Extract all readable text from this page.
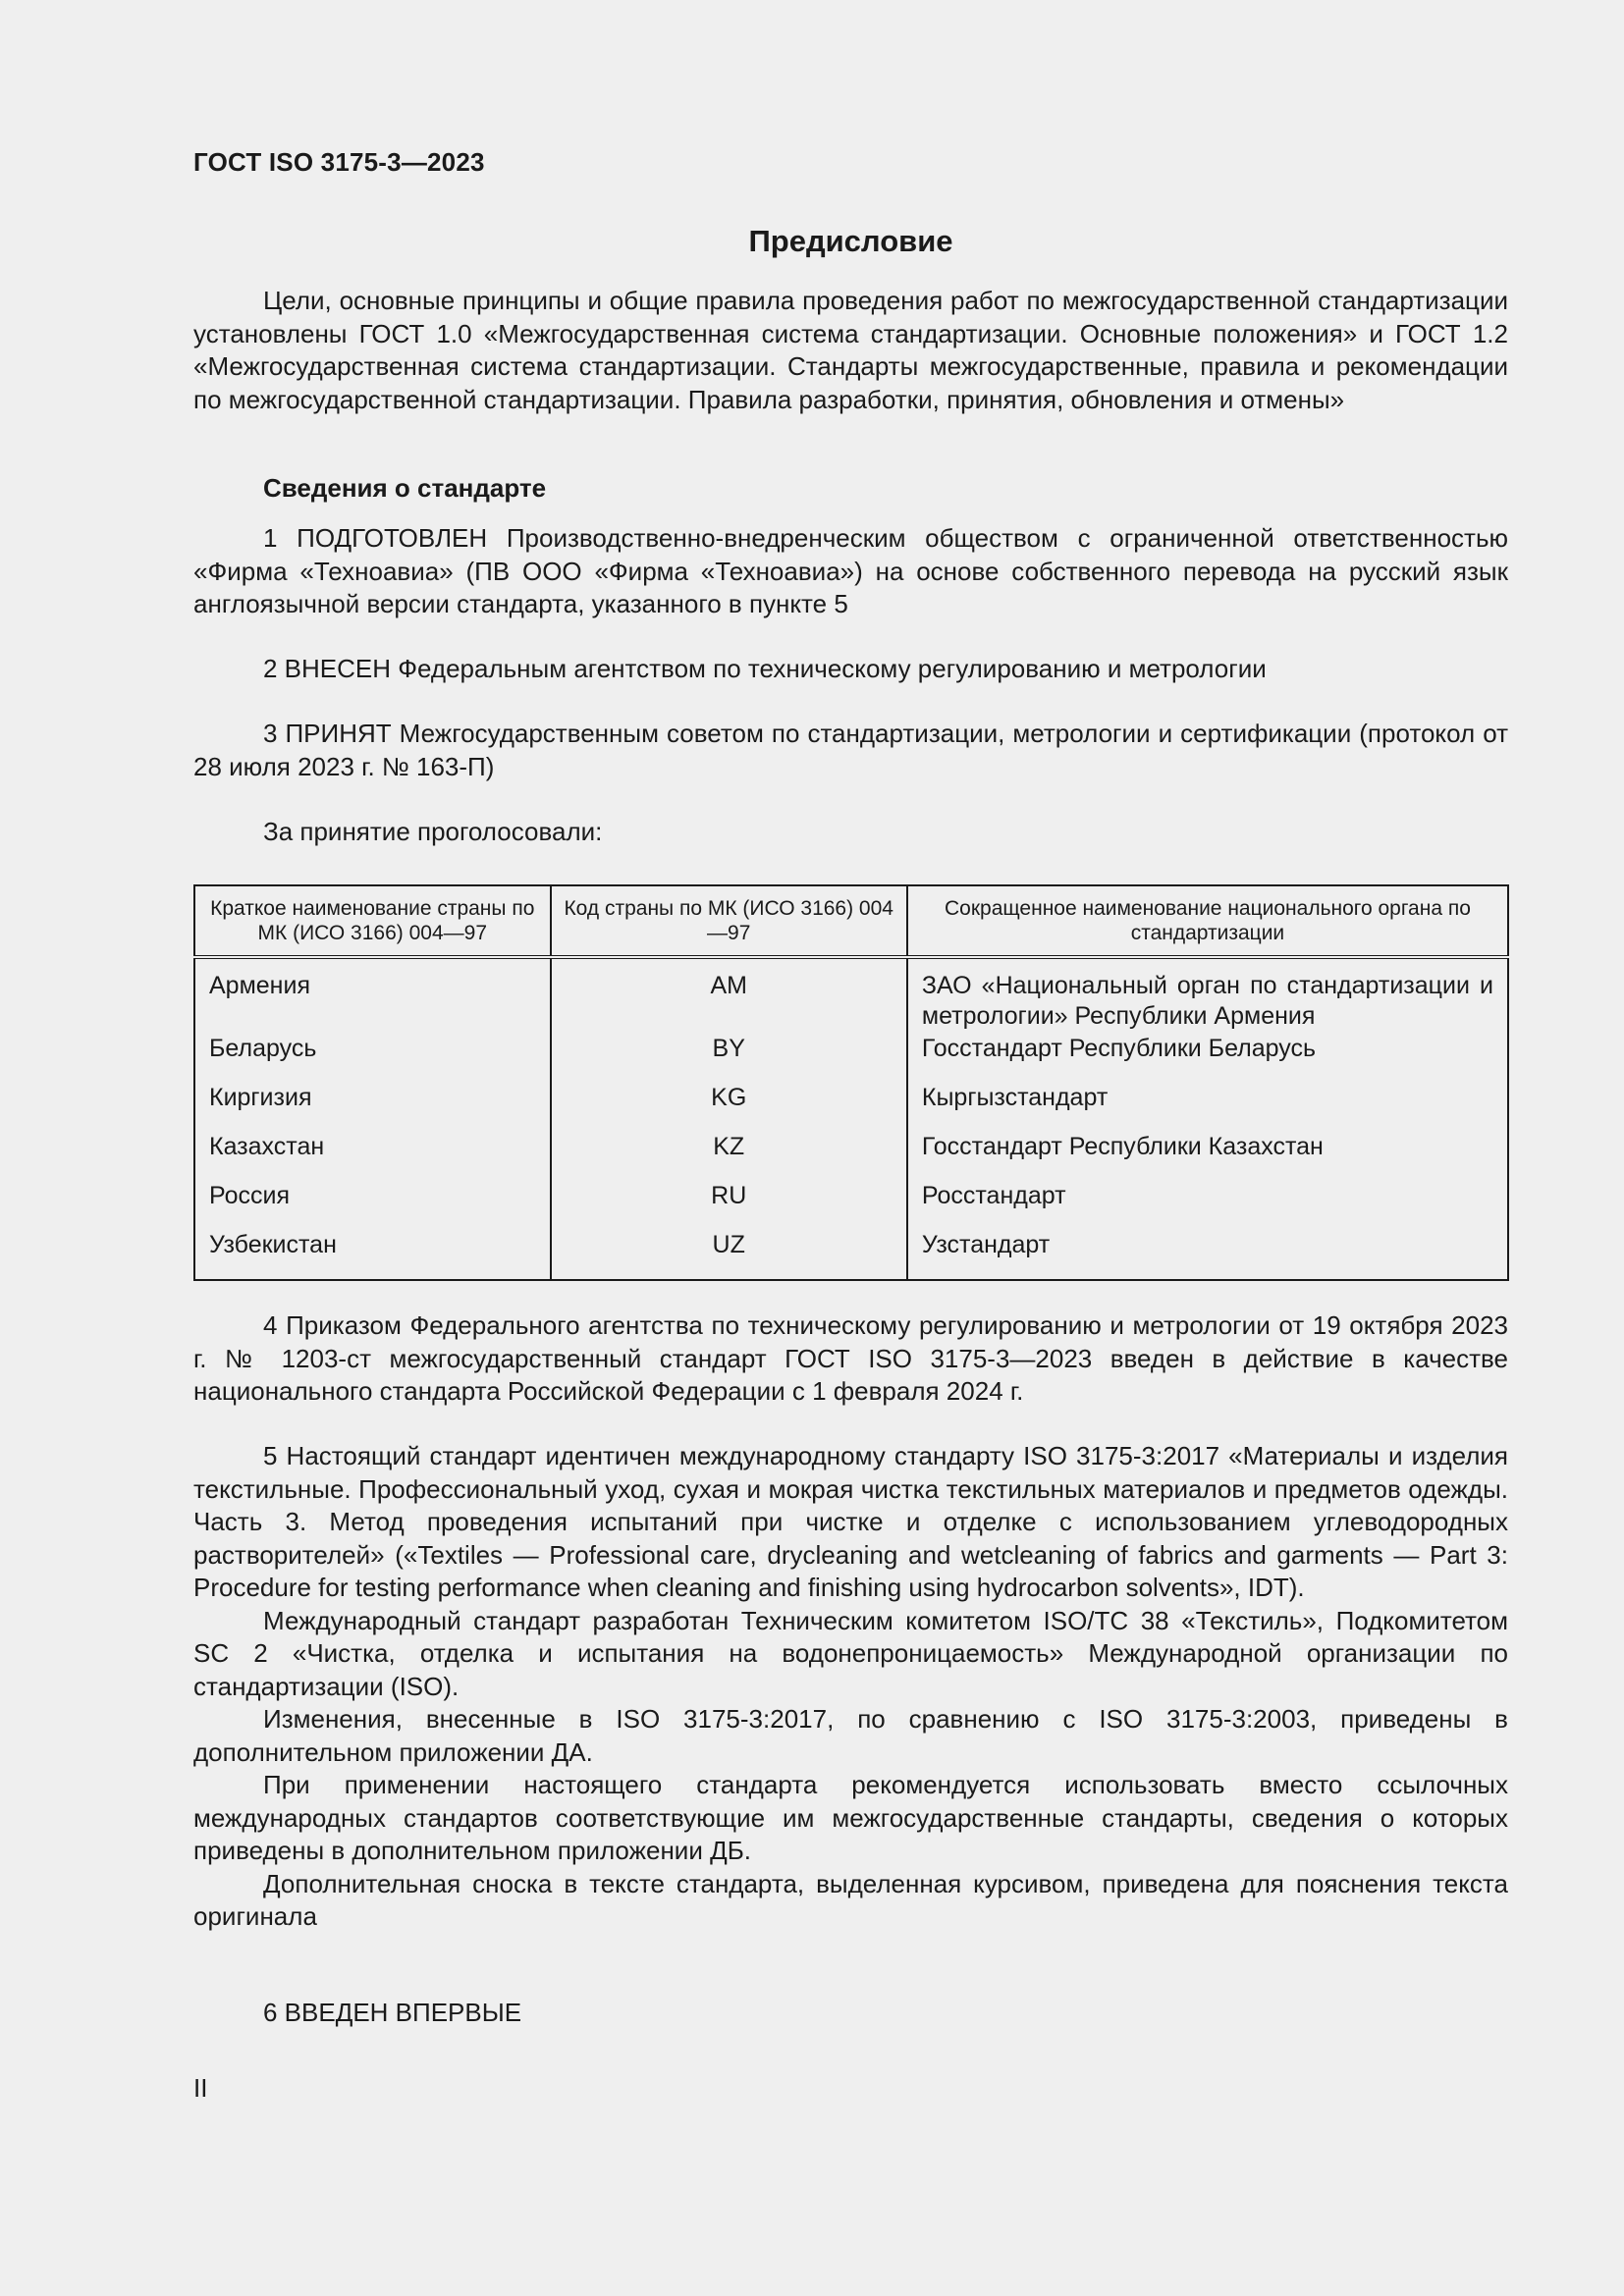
ГОСТ ISO 3175-3—2023
Предисловие

Цели, основные принципы и общие правила проведения работ по межгосударственной стандартизации установлены ГОСТ 1.0 «Межгосударственная система стандартизации. Основные положения» и ГОСТ 1.2 «Межгосударственная система стандартизации. Стандарты межгосударственные, правила и рекомендации по межгосударственной стандартизации. Правила разработки, принятия, обновления и отмены»

Сведения о стандарте

1 ПОДГОТОВЛЕН Производственно-внедренческим обществом с ограниченной ответственностью «Фирма «Техноавиа» (ПВ ООО «Фирма «Техноавиа») на основе собственного перевода на русский язык англоязычной версии стандарта, указанного в пункте 5

2 ВНЕСЕН Федеральным агентством по техническому регулированию и метрологии

3 ПРИНЯТ Межгосударственным советом по стандартизации, метрологии и сертификации (протокол от 28 июля 2023 г. № 163-П)

За принятие проголосовали:

Краткое наименование страны по МК (ИСО 3166) 004—97	Код страны по МК (ИСО 3166) 004—97	Сокращенное наименование национального органа по стандартизации
Армения	AM	ЗАО «Национальный орган по стандартизации и метрологии» Республики Армения
Беларусь	BY	Госстандарт Республики Беларусь
Киргизия	KG	Кыргызстандарт
Казахстан	KZ	Госстандарт Республики Казахстан
Россия	RU	Росстандарт
Узбекистан	UZ	Узстандарт

4 Приказом Федерального агентства по техническому регулированию и метрологии от 19 октября 2023 г. № 1203-ст межгосударственный стандарт ГОСТ ISO 3175-3—2023 введен в действие в качестве национального стандарта Российской Федерации с 1 февраля 2024 г.

5 Настоящий стандарт идентичен международному стандарту ISO 3175-3:2017 «Материалы и изделия текстильные. Профессиональный уход, сухая и мокрая чистка текстильных материалов и предметов одежды. Часть 3. Метод проведения испытаний при чистке и отделке с использованием углеводородных растворителей» («Textiles — Professional care, drycleaning and wetcleaning of fabrics and garments — Part 3: Procedure for testing performance when cleaning and finishing using hydrocarbon solvents», IDT).

Международный стандарт разработан Техническим комитетом ISO/TC 38 «Текстиль», Подкомитетом SC 2 «Чистка, отделка и испытания на водонепроницаемость» Международной организации по стандартизации (ISO).

Изменения, внесенные в ISO 3175-3:2017, по сравнению с ISO 3175-3:2003, приведены в дополнительном приложении ДА.

При применении настоящего стандарта рекомендуется использовать вместо ссылочных международных стандартов соответствующие им межгосударственные стандарты, сведения о которых приведены в дополнительном приложении ДБ.

Дополнительная сноска в тексте стандарта, выделенная курсивом, приведена для пояснения текста оригинала

6 ВВЕДЕН ВПЕРВЫЕ

II
